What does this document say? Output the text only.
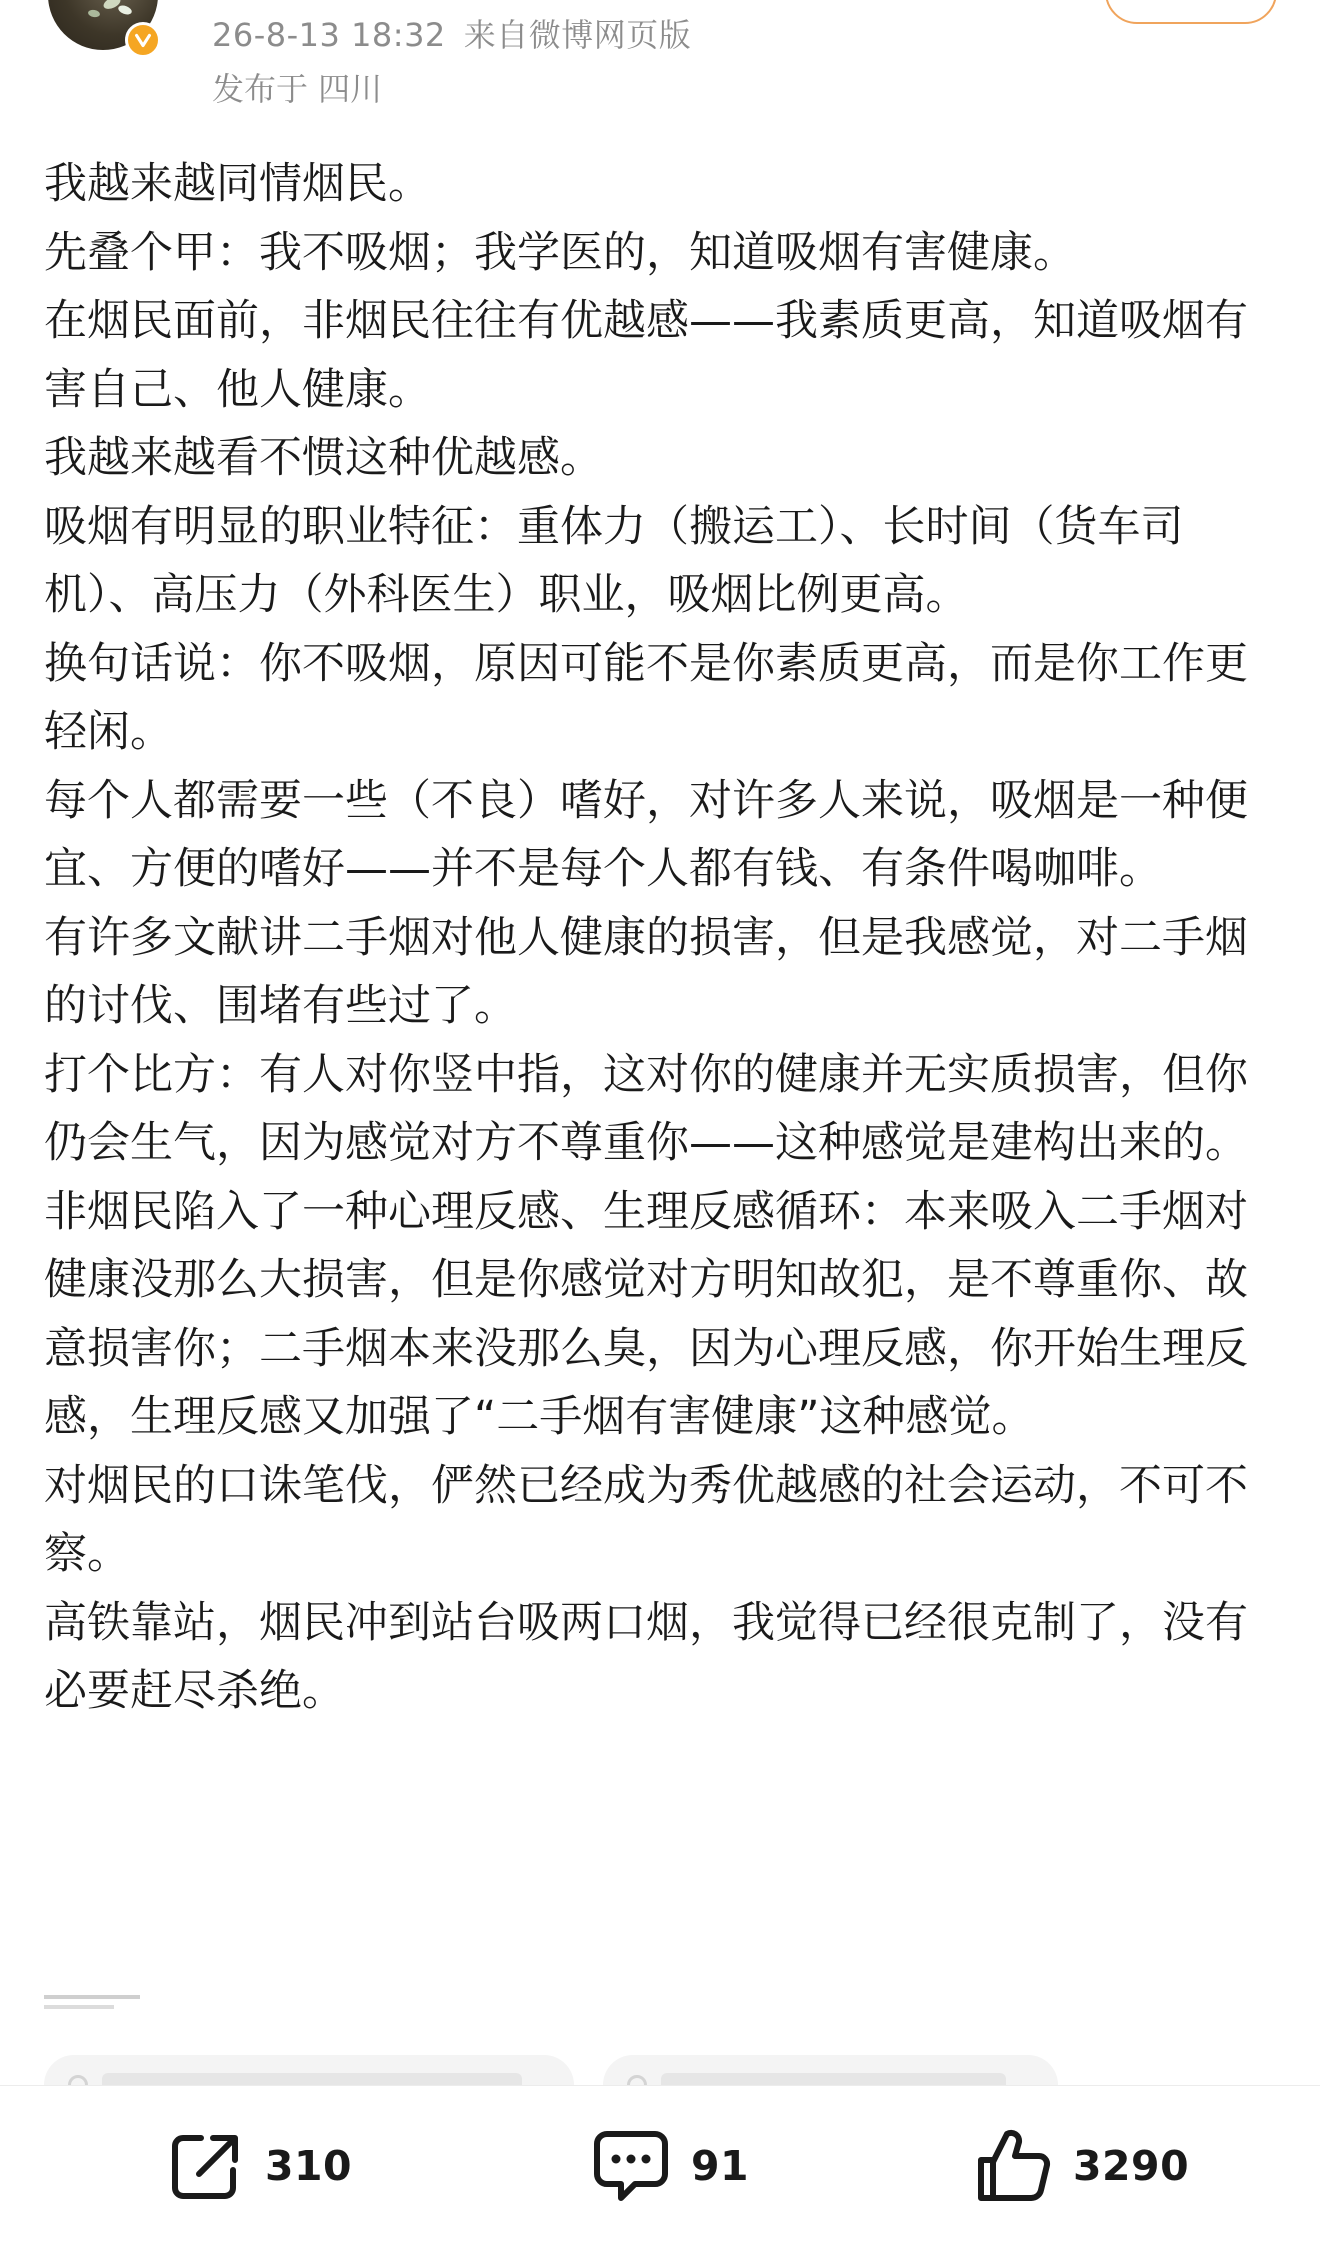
26-8-13 18:32 来自微博网页版
发布于 四川

我越来越同情烟民。

先叠个甲：我不吸烟；我学医的，知道吸烟有害健康。

在烟民面前，非烟民往往有优越感——我素质更高，知道吸烟有害自己、他人健康。

我越来越看不惯这种优越感。

吸烟有明显的职业特征：重体力（搬运工）、长时间（货车司机）、高压力（外科医生）职业，吸烟比例更高。

换句话说：你不吸烟，原因可能不是你素质更高，而是你工作更轻闲。

每个人都需要一些（不良）嗜好，对许多人来说，吸烟是一种便宜、方便的嗜好——并不是每个人都有钱、有条件喝咖啡。

有许多文献讲二手烟对他人健康的损害，但是我感觉，对二手烟的讨伐、围堵有些过了。

打个比方：有人对你竖中指，这对你的健康并无实质损害，但你仍会生气，因为感觉对方不尊重你——这种感觉是建构出来的。

非烟民陷入了一种心理反感、生理反感循环：本来吸入二手烟对健康没那么大损害，但是你感觉对方明知故犯，是不尊重你、故意损害你；二手烟本来没那么臭，因为心理反感，你开始生理反感，生理反感又加强了“二手烟有害健康”这种感觉。

对烟民的口诛笔伐，俨然已经成为秀优越感的社会运动，不可不察。

高铁靠站，烟民冲到站台吸两口烟，我觉得已经很克制了，没有必要赶尽杀绝。

310	91	3290
